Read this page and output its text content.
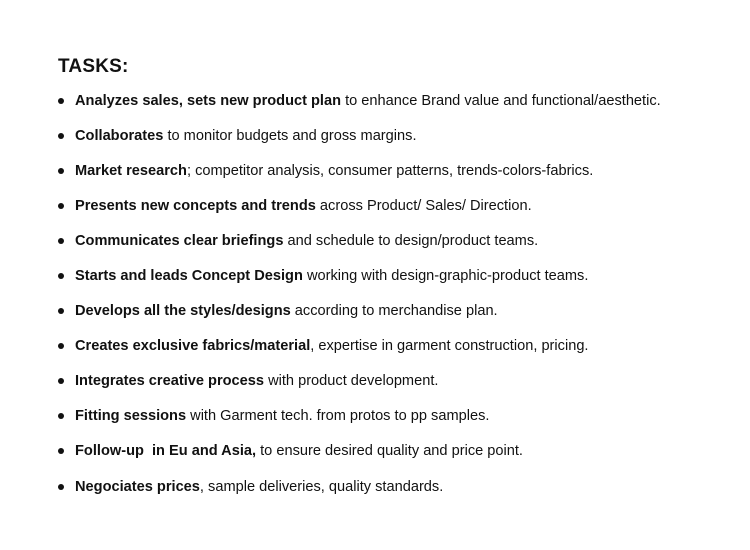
TASKS:
Analyzes sales, sets new product plan to enhance Brand value and functional/aesthetic.
Collaborates to monitor budgets and gross margins.
Market research; competitor analysis, consumer patterns, trends-colors-fabrics.
Presents new concepts and trends across Product/ Sales/ Direction.
Communicates clear briefings and schedule to design/product teams.
Starts and leads Concept Design working with design-graphic-product teams.
Develops all the styles/designs according to merchandise plan.
Creates exclusive fabrics/material, expertise in garment construction, pricing.
Integrates creative process with product development.
Fitting sessions with Garment tech. from protos to pp samples.
Follow-up  in Eu and Asia, to ensure desired quality and price point.
Negociates prices, sample deliveries, quality standards.
